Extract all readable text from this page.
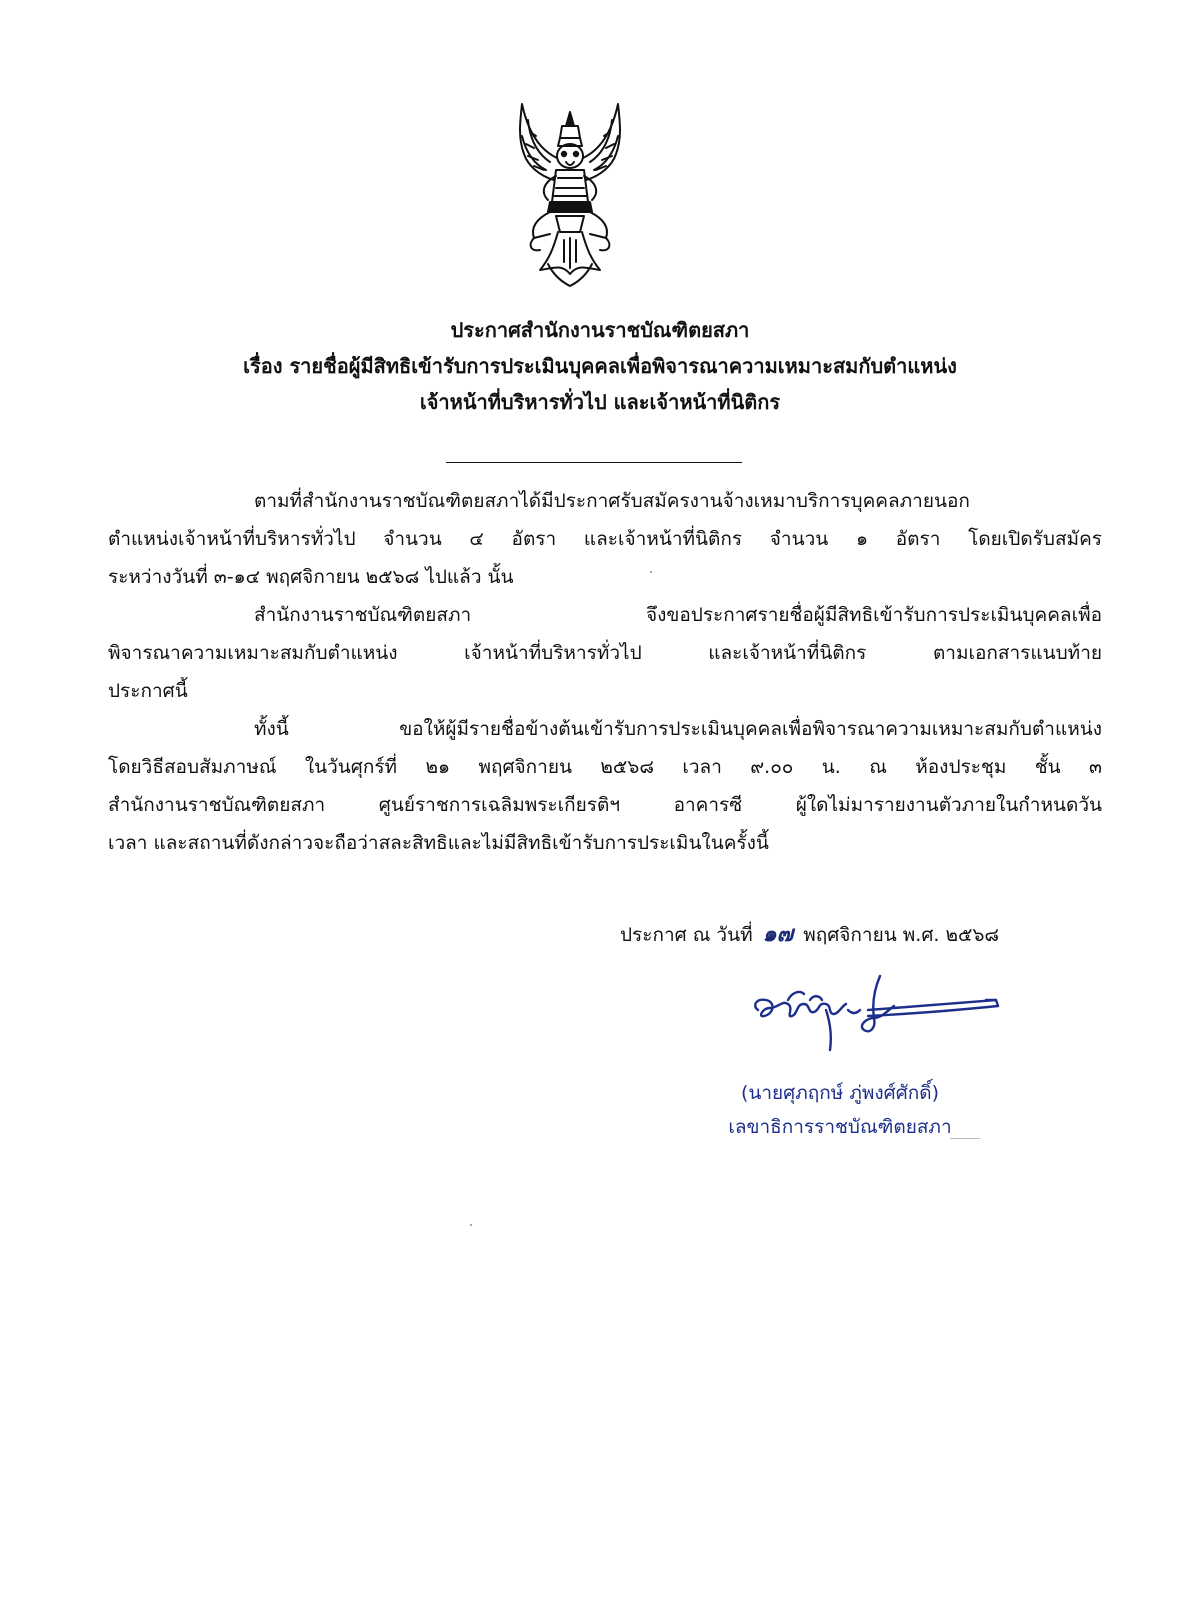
ประกาศสำนักงานราชบัณฑิตยสภา
เรื่อง รายชื่อผู้มีสิทธิเข้ารับการประเมินบุคคลเพื่อพิจารณาความเหมาะสมกับตำแหน่ง
เจ้าหน้าที่บริหารทั่วไป และเจ้าหน้าที่นิติกร
ตามที่สำนักงานราชบัณฑิตยสภาได้มีประกาศรับสมัครงานจ้างเหมาบริการบุคคลภายนอก
ตำแหน่งเจ้าหน้าที่บริหารทั่วไป จำนวน ๔ อัตรา และเจ้าหน้าที่นิติกร จำนวน ๑ อัตรา โดยเปิดรับสมัคร
ระหว่างวันที่ ๓-๑๔ พฤศจิกายน ๒๕๖๘ ไปแล้ว นั้น
สำนักงานราชบัณฑิตยสภา จึงขอประกาศรายชื่อผู้มีสิทธิเข้ารับการประเมินบุคคลเพื่อ
พิจารณาความเหมาะสมกับตำแหน่ง เจ้าหน้าที่บริหารทั่วไป และเจ้าหน้าที่นิติกร ตามเอกสารแนบท้าย
ประกาศนี้
ทั้งนี้ ขอให้ผู้มีรายชื่อข้างต้นเข้ารับการประเมินบุคคลเพื่อพิจารณาความเหมาะสมกับตำแหน่ง
โดยวิธีสอบสัมภาษณ์ ในวันศุกร์ที่ ๒๑ พฤศจิกายน ๒๕๖๘ เวลา ๙.๐๐ น. ณ ห้องประชุม ชั้น ๓
สำนักงานราชบัณฑิตยสภา ศูนย์ราชการเฉลิมพระเกียรติฯ อาคารซี ผู้ใดไม่มารายงานตัวภายในกำหนดวัน
เวลา และสถานที่ดังกล่าวจะถือว่าสละสิทธิและไม่มีสิทธิเข้ารับการประเมินในครั้งนี้
ประกาศ ณ วันที่ ๑๗ พฤศจิกายน พ.ศ. ๒๕๖๘
(นายศุภฤกษ์ ภู่พงศ์ศักดิ์)
เลขาธิการราชบัณฑิตยสภา
